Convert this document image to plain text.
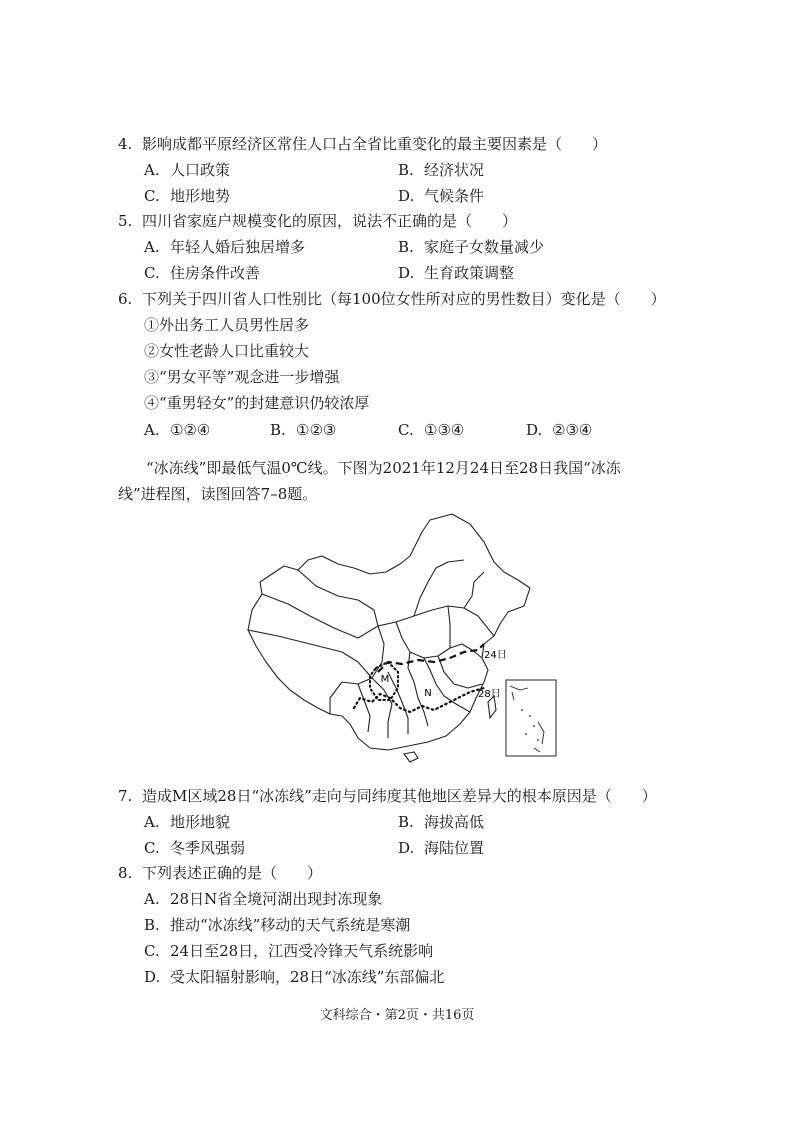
4. 影响成都平原经济区常住人口占全省比重变化的最主要因素是（　　）
A. 人口政策	B. 经济状况
C. 地形地势	D. 气候条件
5. 四川省家庭户规模变化的原因，说法不正确的是（　　）
A. 年轻人婚后独居增多	B. 家庭子女数量减少
C. 住房条件改善	D. 生育政策调整
6. 下列关于四川省人口性别比（每100位女性所对应的男性数目）变化是（　　）
①外出务工人员男性居多
②女性老龄人口比重较大
③“男女平等”观念进一步增强
④“重男轻女”的封建意识仍较浓厚
A. ①②④	B. ①②③	C. ①③④	D. ②③④
“冰冻线”即最低气温0℃线。下图为2021年12月24日至28日我国“冰冻
线”进程图，读图回答7–8题。
M
N
24日
28日
7. 造成M区域28日“冰冻线”走向与同纬度其他地区差异大的根本原因是（　　）
A. 地形地貌	B. 海拔高低
C. 冬季风强弱	D. 海陆位置
8. 下列表述正确的是（　　）
A. 28日N省全境河湖出现封冻现象
B. 推动“冰冻线”移动的天气系统是寒潮
C. 24日至28日，江西受冷锋天气系统影响
D. 受太阳辐射影响，28日“冰冻线”东部偏北
文科综合・第2页・共16页
